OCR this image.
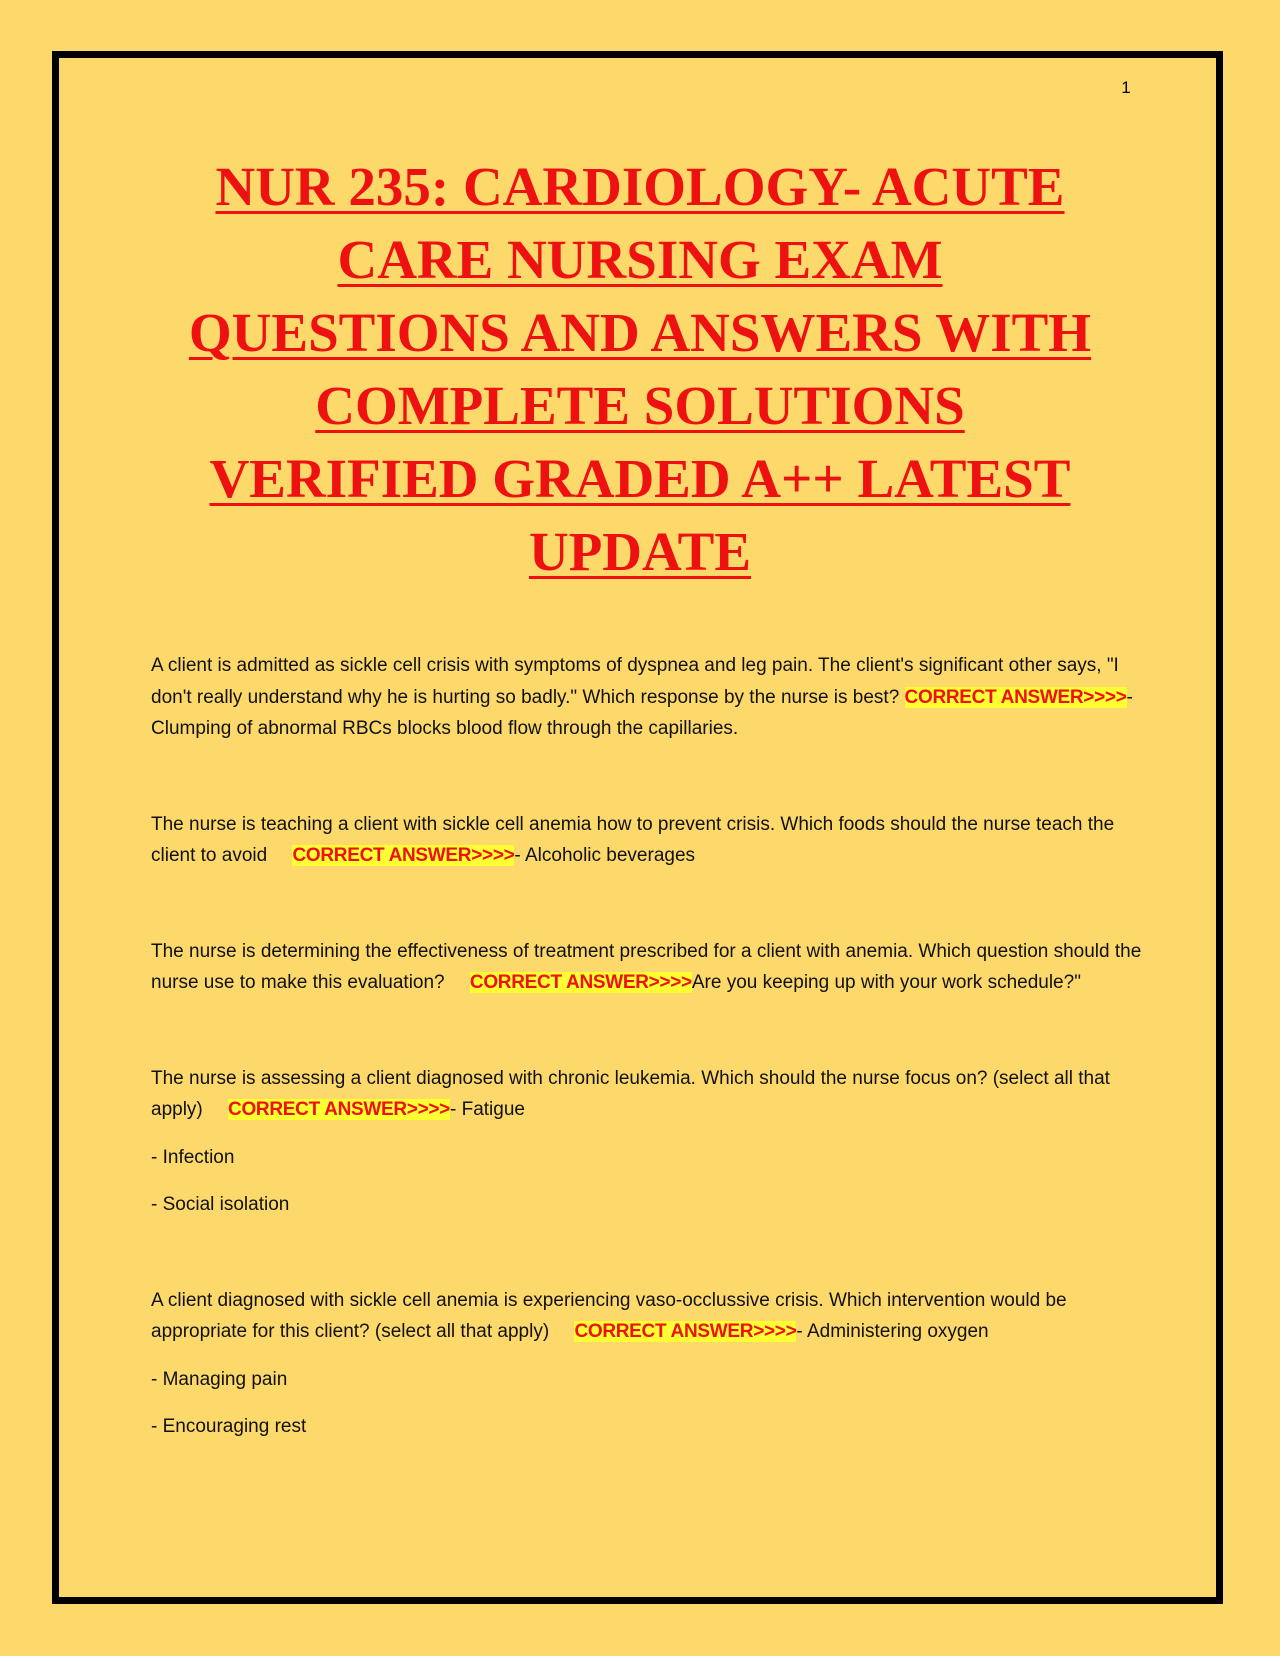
1
NUR 235: CARDIOLOGY- ACUTE
CARE NURSING EXAM
QUESTIONS AND ANSWERS WITH
COMPLETE SOLUTIONS
VERIFIED GRADED A++ LATEST
UPDATE

A client is admitted as sickle cell crisis with symptoms of dyspnea and leg pain. The client's significant other says, "I don't really understand why he is hurting so badly." Which response by the nurse is best? CORRECT ANSWER>>>>- Clumping of abnormal RBCs blocks blood flow through the capillaries.

The nurse is teaching a client with sickle cell anemia how to prevent crisis. Which foods should the nurse teach the client to avoid CORRECT ANSWER>>>>- Alcoholic beverages

The nurse is determining the effectiveness of treatment prescribed for a client with anemia. Which question should the nurse use to make this evaluation? CORRECT ANSWER>>>>Are you keeping up with your work schedule?"

The nurse is assessing a client diagnosed with chronic leukemia. Which should the nurse focus on? (select all that apply) CORRECT ANSWER>>>>- Fatigue

- Infection

- Social isolation

A client diagnosed with sickle cell anemia is experiencing vaso-occlussive crisis. Which intervention would be appropriate for this client? (select all that apply) CORRECT ANSWER>>>>- Administering oxygen

- Managing pain

- Encouraging rest
